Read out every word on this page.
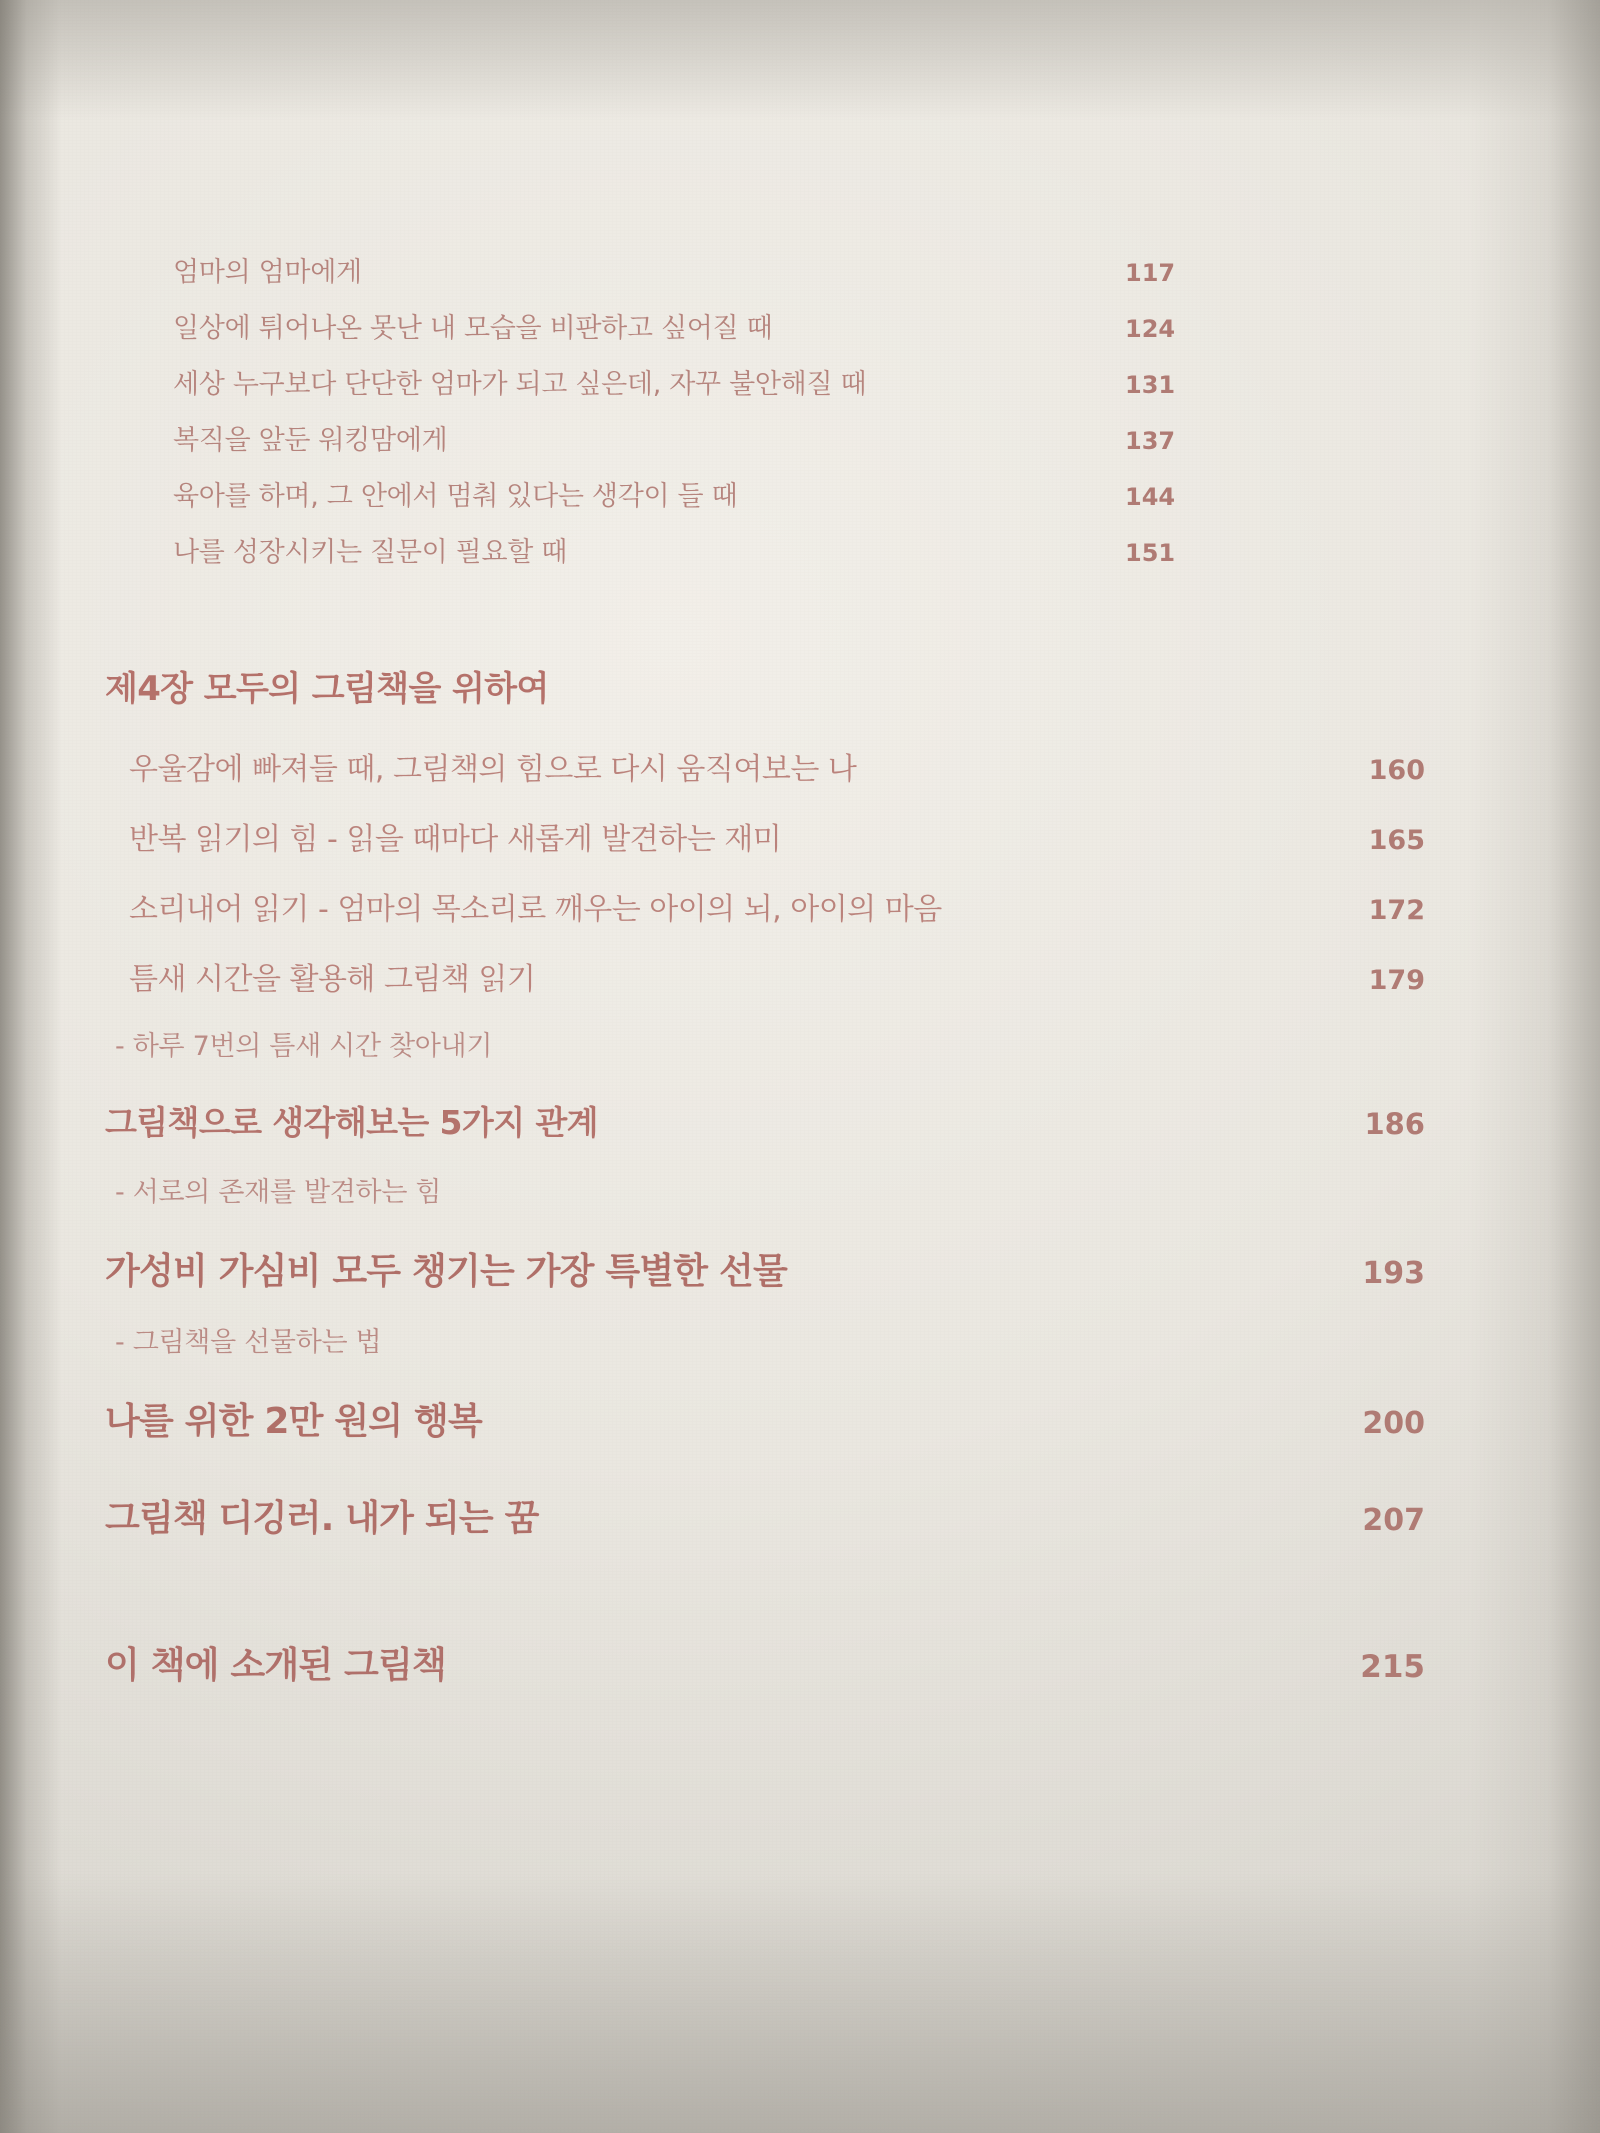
엄마의 엄마에게	117
일상에 튀어나온 못난 내 모습을 비판하고 싶어질 때	124
세상 누구보다 단단한 엄마가 되고 싶은데, 자꾸 불안해질 때	131
복직을 앞둔 워킹맘에게	137
육아를 하며, 그 안에서 멈춰 있다는 생각이 들 때	144
나를 성장시키는 질문이 필요할 때	151
제4장 모두의 그림책을 위하여
우울감에 빠져들 때, 그림책의 힘으로 다시 움직여보는 나	160
반복 읽기의 힘 - 읽을 때마다 새롭게 발견하는 재미	165
소리내어 읽기 - 엄마의 목소리로 깨우는 아이의 뇌, 아이의 마음	172
틈새 시간을 활용해 그림책 읽기	179
- 하루 7번의 틈새 시간 찾아내기
그림책으로 생각해보는 5가지 관계	186
- 서로의 존재를 발견하는 힘
가성비 가심비 모두 챙기는 가장 특별한 선물	193
- 그림책을 선물하는 법
나를 위한 2만 원의 행복	200
그림책 디깅러. 내가 되는 꿈	207
이 책에 소개된 그림책	215
